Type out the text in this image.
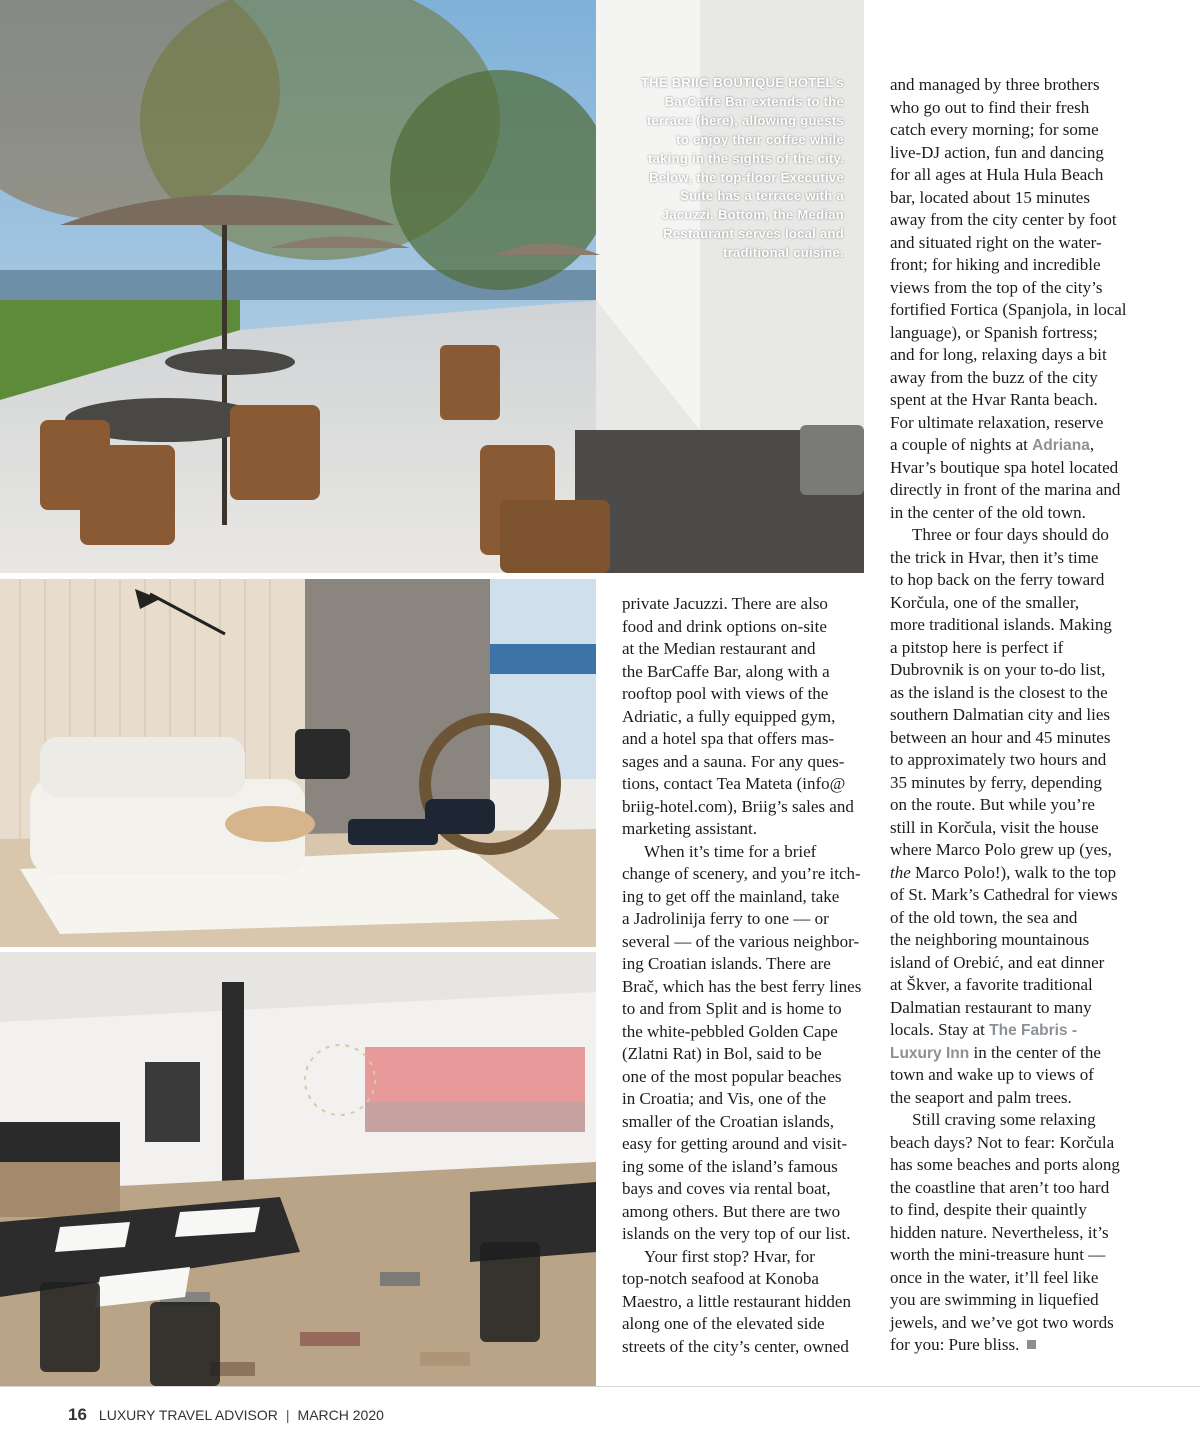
THE BRIIG BOUTIQUE HOTEL’s
BarCaffe Bar extends to the
terrace (here), allowing guests
to enjoy their coffee while
taking in the sights of the city.
Below, the top-floor Executive
Suite has a terrace with a
Jacuzzi. Bottom, the Median
Restaurant serves local and
traditional cuisine.
private Jacuzzi. There are also
food and drink options on-site
at the Median restaurant and
the BarCaffe Bar, along with a
rooftop pool with views of the
Adriatic, a fully equipped gym,
and a hotel spa that offers mas-
sages and a sauna. For any ques-
tions, contact Tea Mateta (info@
briig-hotel.com), Briig’s sales and
marketing assistant.
When it’s time for a brief
change of scenery, and you’re itch-
ing to get off the mainland, take
a Jadrolinija ferry to one — or
several — of the various neighbor-
ing Croatian islands. There are
Brač, which has the best ferry lines
to and from Split and is home to
the white-pebbled Golden Cape
(Zlatni Rat) in Bol, said to be
one of the most popular beaches
in Croatia; and Vis, one of the
smaller of the Croatian islands,
easy for getting around and visit-
ing some of the island’s famous
bays and coves via rental boat,
among others. But there are two
islands on the very top of our list.
Your first stop? Hvar, for
top-notch seafood at Konoba
Maestro, a little restaurant hidden
along one of the elevated side
streets of the city’s center, owned
and managed by three brothers
who go out to find their fresh
catch every morning; for some
live-DJ action, fun and dancing
for all ages at Hula Hula Beach
bar, located about 15 minutes
away from the city center by foot
and situated right on the water-
front; for hiking and incredible
views from the top of the city’s
fortified Fortica (Spanjola, in local
language), or Spanish fortress;
and for long, relaxing days a bit
away from the buzz of the city
spent at the Hvar Ranta beach.
For ultimate relaxation, reserve
a couple of nights at Adriana,
Hvar’s boutique spa hotel located
directly in front of the marina and
in the center of the old town.
Three or four days should do
the trick in Hvar, then it’s time
to hop back on the ferry toward
Korčula, one of the smaller,
more traditional islands. Making
a pitstop here is perfect if
Dubrovnik is on your to-do list,
as the island is the closest to the
southern Dalmatian city and lies
between an hour and 45 minutes
to approximately two hours and
35 minutes by ferry, depending
on the route. But while you’re
still in Korčula, visit the house
where Marco Polo grew up (yes,
the Marco Polo!), walk to the top
of St. Mark’s Cathedral for views
of the old town, the sea and
the neighboring mountainous
island of Orebić, and eat dinner
at Škver, a favorite traditional
Dalmatian restaurant to many
locals. Stay at The Fabris -
Luxury Inn in the center of the
town and wake up to views of
the seaport and palm trees.
Still craving some relaxing
beach days? Not to fear: Korčula
has some beaches and ports along
the coastline that aren’t too hard
to find, despite their quaintly
hidden nature. Nevertheless, it’s
worth the mini-treasure hunt —
once in the water, it’ll feel like
you are swimming in liquefied
jewels, and we’ve got two words
for you: Pure bliss.
16 LUXURY TRAVEL ADVISOR | MARCH 2020
